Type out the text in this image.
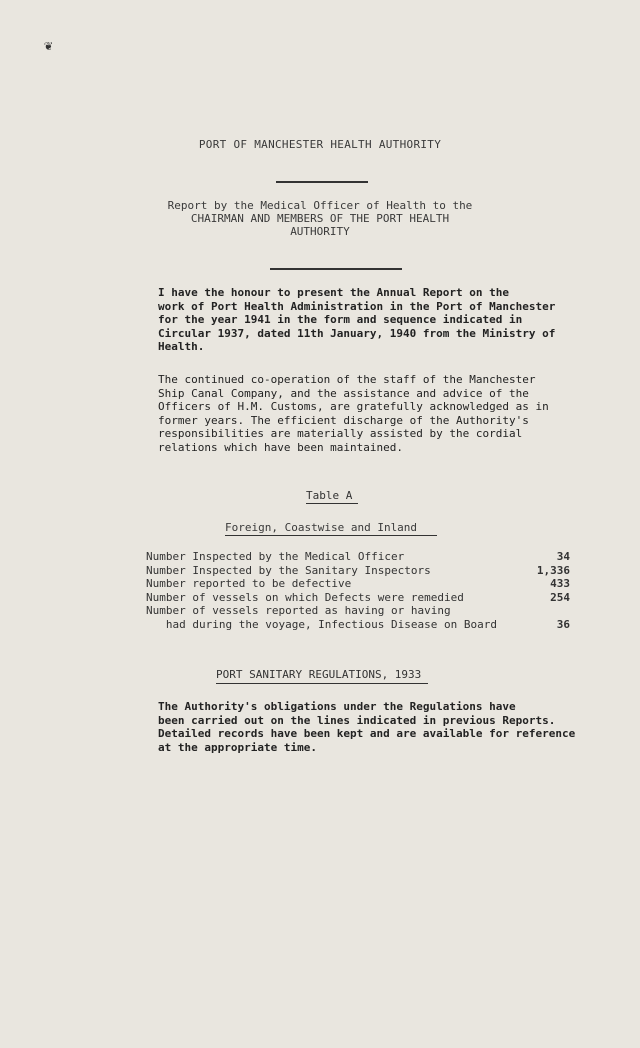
❦
PORT OF MANCHESTER HEALTH AUTHORITY
Report by the Medical Officer of Health to the
CHAIRMAN AND MEMBERS OF THE PORT HEALTH
AUTHORITY

I have the honour to present the Annual Report on the
work of Port Health Administration in the Port of Manchester
for the year 1941 in the form and sequence indicated in
Circular 1937, dated 11th January, 1940 from the Ministry of
Health.

The continued co-operation of the staff of the Manchester
Ship Canal Company, and the assistance and advice of the
Officers of H.M. Customs, are gratefully acknowledged as in
former years. The efficient discharge of the Authority's
responsibilities are materially assisted by the cordial
relations which have been maintained.

Table A
Foreign, Coastwise and Inland
Number Inspected by the Medical Officer	34
Number Inspected by the Sanitary Inspectors	1,336
Number reported to be defective	433
Number of vessels on which Defects were remedied	254
Number of vessels reported as having or having
had during the voyage, Infectious Disease on Board	36
PORT SANITARY REGULATIONS, 1933

The Authority's obligations under the Regulations have
been carried out on the lines indicated in previous Reports.
Detailed records have been kept and are available for reference
at the appropriate time.
